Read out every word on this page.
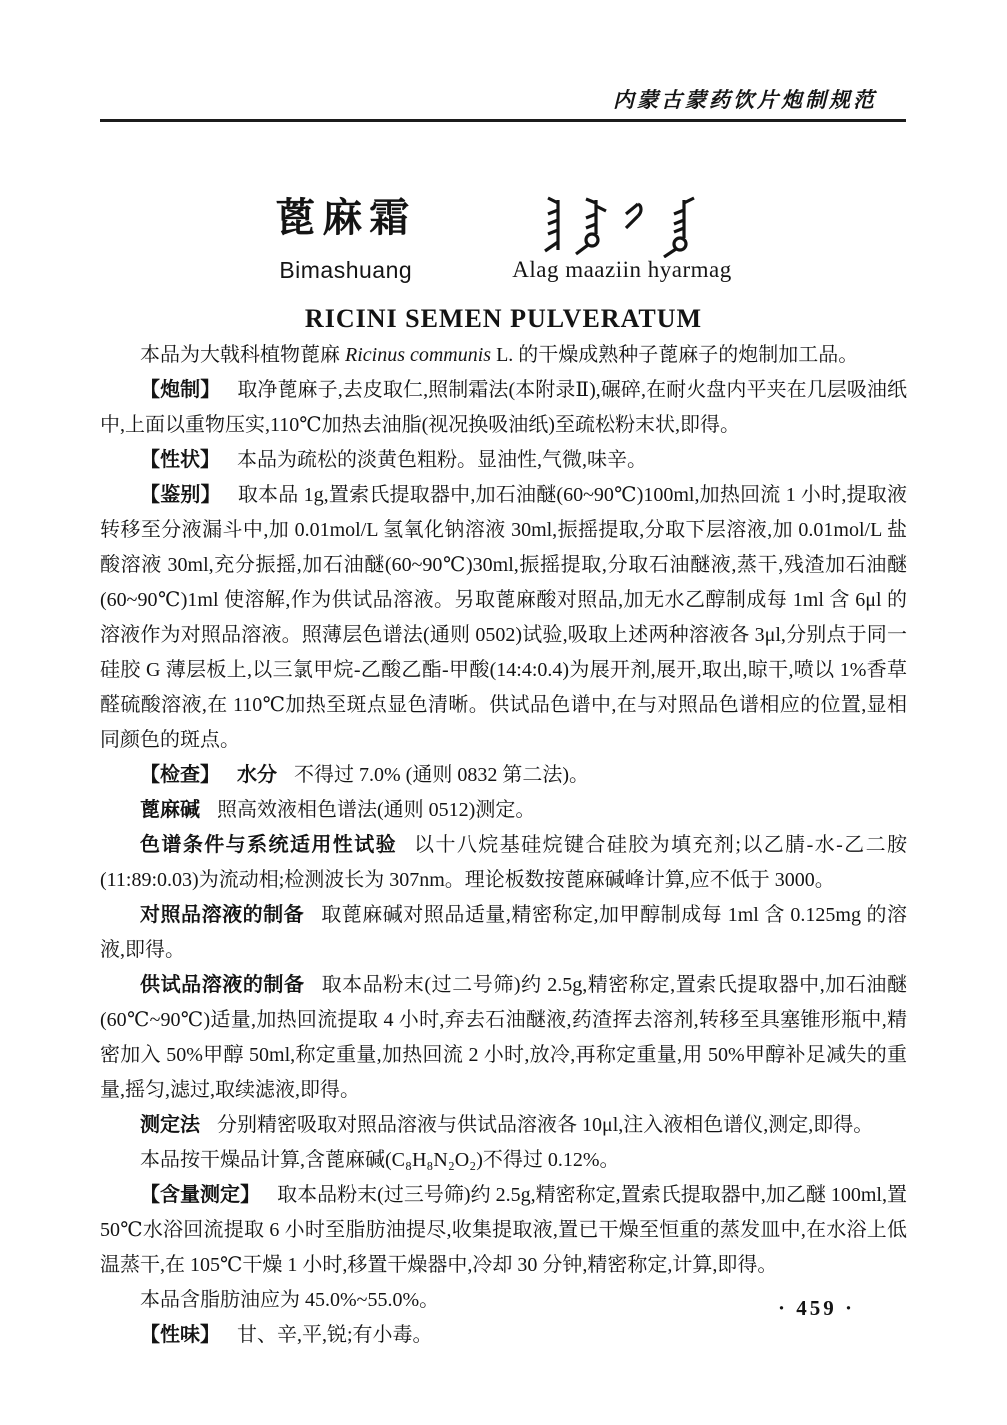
内蒙古蒙药饮片炮制规范
蓖麻霜
Bimashuang	Alag maaziin hyarmag
RICINI SEMEN PULVERATUM

本品为大戟科植物蓖麻 Ricinus communis L. 的干燥成熟种子蓖麻子的炮制加工品。

【炮制】 取净蓖麻子,去皮取仁,照制霜法(本附录Ⅱ),碾碎,在耐火盘内平夹在几层吸油纸中,上面以重物压实,110℃加热去油脂(视况换吸油纸)至疏松粉末状,即得。

【性状】 本品为疏松的淡黄色粗粉。显油性,气微,味辛。

【鉴别】 取本品 1g,置索氏提取器中,加石油醚(60~90℃)100ml,加热回流 1 小时,提取液转移至分液漏斗中,加 0.01mol/L 氢氧化钠溶液 30ml,振摇提取,分取下层溶液,加 0.01mol/L 盐酸溶液 30ml,充分振摇,加石油醚(60~90℃)30ml,振摇提取,分取石油醚液,蒸干,残渣加石油醚(60~90℃)1ml 使溶解,作为供试品溶液。另取蓖麻酸对照品,加无水乙醇制成每 1ml 含 6μl 的溶液作为对照品溶液。照薄层色谱法(通则 0502)试验,吸取上述两种溶液各 3μl,分别点于同一硅胶 G 薄层板上,以三氯甲烷-乙酸乙酯-甲酸(14:4:0.4)为展开剂,展开,取出,晾干,喷以 1%香草醛硫酸溶液,在 110℃加热至斑点显色清晰。供试品色谱中,在与对照品色谱相应的位置,显相同颜色的斑点。

【检查】 水分 不得过 7.0% (通则 0832 第二法)。

蓖麻碱 照高效液相色谱法(通则 0512)测定。

色谱条件与系统适用性试验 以十八烷基硅烷键合硅胶为填充剂;以乙腈-水-乙二胺(11:89:0.03)为流动相;检测波长为 307nm。理论板数按蓖麻碱峰计算,应不低于 3000。

对照品溶液的制备 取蓖麻碱对照品适量,精密称定,加甲醇制成每 1ml 含 0.125mg 的溶液,即得。

供试品溶液的制备 取本品粉末(过二号筛)约 2.5g,精密称定,置索氏提取器中,加石油醚(60℃~90℃)适量,加热回流提取 4 小时,弃去石油醚液,药渣挥去溶剂,转移至具塞锥形瓶中,精密加入 50%甲醇 50ml,称定重量,加热回流 2 小时,放冷,再称定重量,用 50%甲醇补足减失的重量,摇匀,滤过,取续滤液,即得。

测定法 分别精密吸取对照品溶液与供试品溶液各 10μl,注入液相色谱仪,测定,即得。

本品按干燥品计算,含蓖麻碱(C₈H₈N₂O₂)不得过 0.12%。

【含量测定】 取本品粉末(过三号筛)约 2.5g,精密称定,置索氏提取器中,加乙醚 100ml,置50℃水浴回流提取 6 小时至脂肪油提尽,收集提取液,置已干燥至恒重的蒸发皿中,在水浴上低温蒸干,在 105℃干燥 1 小时,移置干燥器中,冷却 30 分钟,精密称定,计算,即得。

本品含脂肪油应为 45.0%~55.0%。

【性味】 甘、辛,平,锐;有小毒。

· 459 ·
